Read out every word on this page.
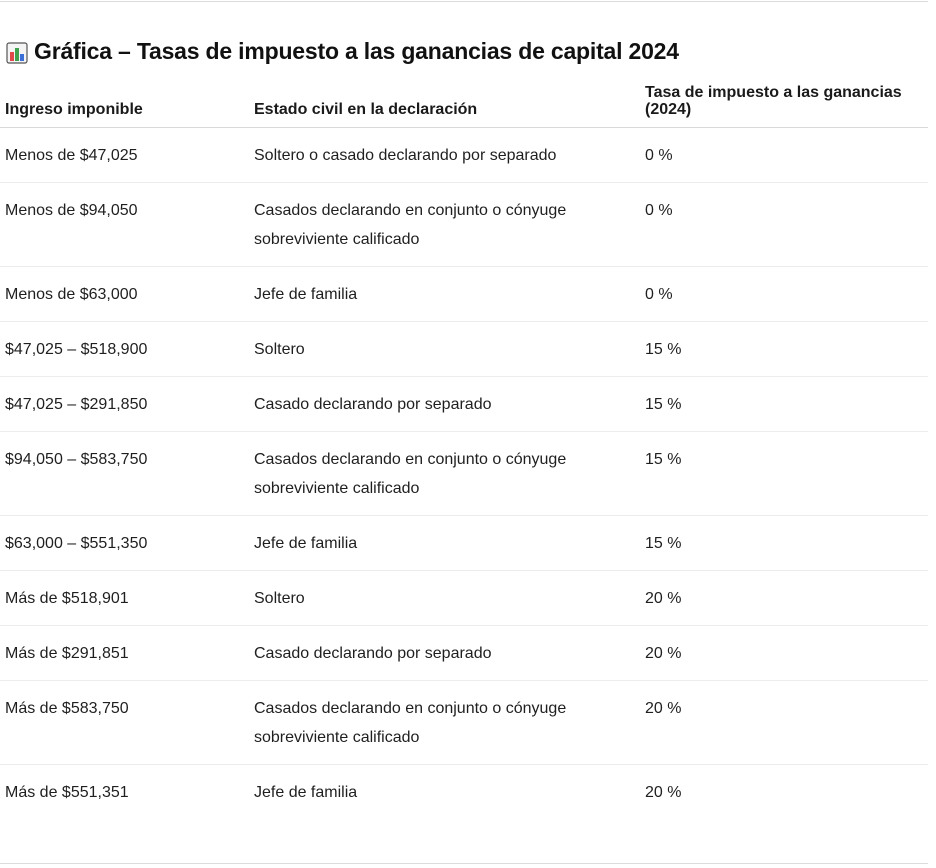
Gráfica – Tasas de impuesto a las ganancias de capital 2024
Ingreso imponible	Estado civil en la declaración	Tasa de impuesto a las ganancias (2024)
Menos de $47,025	Soltero o casado declarando por separado	0 %
Menos de $94,050	Casados declarando en conjunto o cónyuge sobreviviente calificado	0 %
Menos de $63,000	Jefe de familia	0 %
$47,025 – $518,900	Soltero	15 %
$47,025 – $291,850	Casado declarando por separado	15 %
$94,050 – $583,750	Casados declarando en conjunto o cónyuge sobreviviente calificado	15 %
$63,000 – $551,350	Jefe de familia	15 %
Más de $518,901	Soltero	20 %
Más de $291,851	Casado declarando por separado	20 %
Más de $583,750	Casados declarando en conjunto o cónyuge sobreviviente calificado	20 %
Más de $551,351	Jefe de familia	20 %
